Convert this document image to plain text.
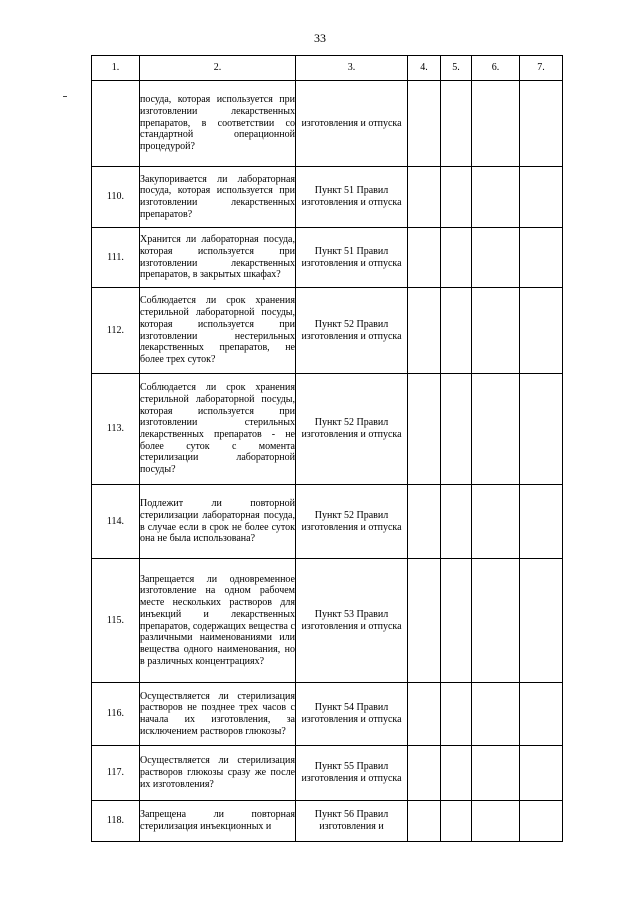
33
1.	2.	3.	4.	5.	6.	7.
	посуда, которая используется при изготовлении лекарственных препаратов, в соответствии со стандартной операционной процедурой?	изготовления и отпуска				
110.	Закупоривается ли лабораторная посуда, которая используется при изготовлении лекарственных препаратов?	Пункт 51 Правил изготовления и отпуска				
111.	Хранится ли лабораторная посуда, которая используется при изготовлении лекарственных препаратов, в закрытых шкафах?	Пункт 51 Правил изготовления и отпуска				
112.	Соблюдается ли срок хранения стерильной лабораторной посуды, которая используется при изготовлении нестерильных лекарственных препаратов, не более трех суток?	Пункт 52 Правил изготовления и отпуска				
113.	Соблюдается ли срок хранения стерильной лабораторной посуды, которая используется при изготовлении стерильных лекарственных препаратов - не более суток с момента стерилизации лабораторной посуды?	Пункт 52 Правил изготовления и отпуска				
114.	Подлежит ли повторной стерилизации лабораторная посуда, в случае если в срок не более суток она не была использована?	Пункт 52 Правил изготовления и отпуска				
115.	Запрещается ли одновременное изготовление на одном рабочем месте нескольких растворов для инъекций и лекарственных препаратов, содержащих вещества с различными наименованиями или вещества одного наименования, но в различных концентрациях?	Пункт 53 Правил изготовления и отпуска				
116.	Осуществляется ли стерилизация растворов не позднее трех часов с начала их изготовления, за исключением растворов глюкозы?	Пункт 54 Правил изготовления и отпуска				
117.	Осуществляется ли стерилизация растворов глюкозы сразу же после их изготовления?	Пункт 55 Правил изготовления и отпуска				
118.	Запрещена ли повторная стерилизация инъекционных и	Пункт 56 Правил изготовления и				
